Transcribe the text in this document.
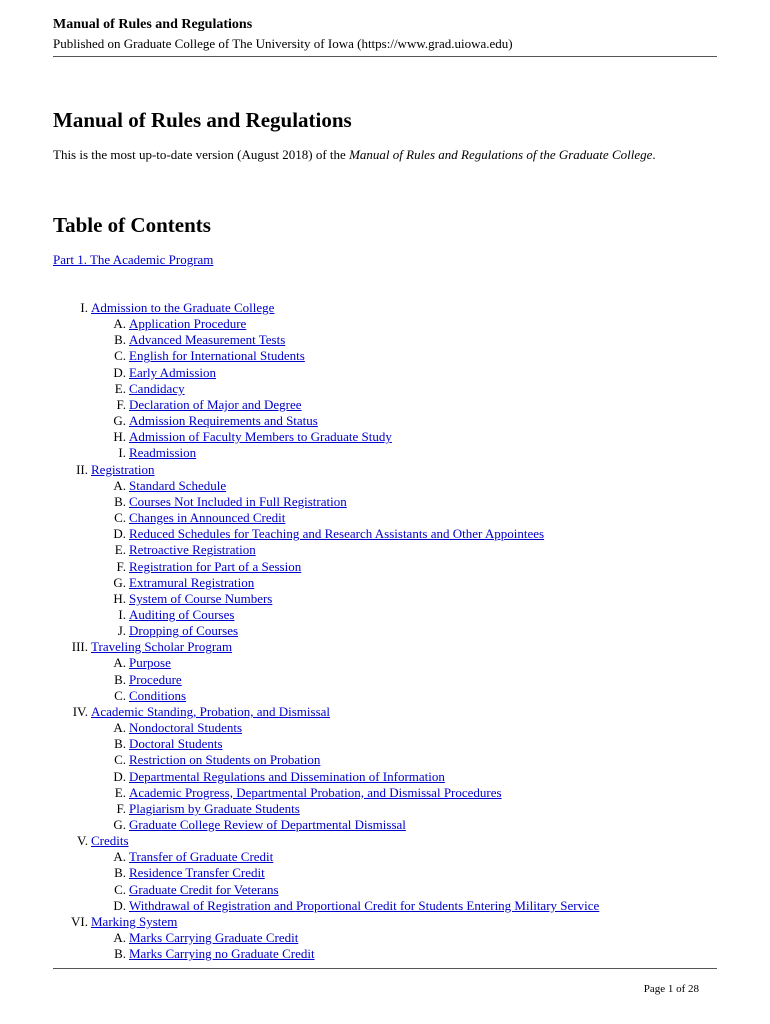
Manual of Rules and Regulations
Published on Graduate College of The University of Iowa (https://www.grad.uiowa.edu)
Manual of Rules and Regulations

This is the most up-to-date version (August 2018) of the Manual of Rules and Regulations of the Graduate College.

Table of Contents
Part 1. The Academic Program
I. Admission to the Graduate College
A. Application Procedure
B. Advanced Measurement Tests
C. English for International Students
D. Early Admission
E. Candidacy
F. Declaration of Major and Degree
G. Admission Requirements and Status
H. Admission of Faculty Members to Graduate Study
I. Readmission
II. Registration
A. Standard Schedule
B. Courses Not Included in Full Registration
C. Changes in Announced Credit
D. Reduced Schedules for Teaching and Research Assistants and Other Appointees
E. Retroactive Registration
F. Registration for Part of a Session
G. Extramural Registration
H. System of Course Numbers
I. Auditing of Courses
J. Dropping of Courses
III. Traveling Scholar Program
A. Purpose
B. Procedure
C. Conditions
IV. Academic Standing, Probation, and Dismissal
A. Nondoctoral Students
B. Doctoral Students
C. Restriction on Students on Probation
D. Departmental Regulations and Dissemination of Information
E. Academic Progress, Departmental Probation, and Dismissal Procedures
F. Plagiarism by Graduate Students
G. Graduate College Review of Departmental Dismissal
V. Credits
A. Transfer of Graduate Credit
B. Residence Transfer Credit
C. Graduate Credit for Veterans
D. Withdrawal of Registration and Proportional Credit for Students Entering Military Service
VI. Marking System
A. Marks Carrying Graduate Credit
B. Marks Carrying no Graduate Credit
Page 1 of 28
